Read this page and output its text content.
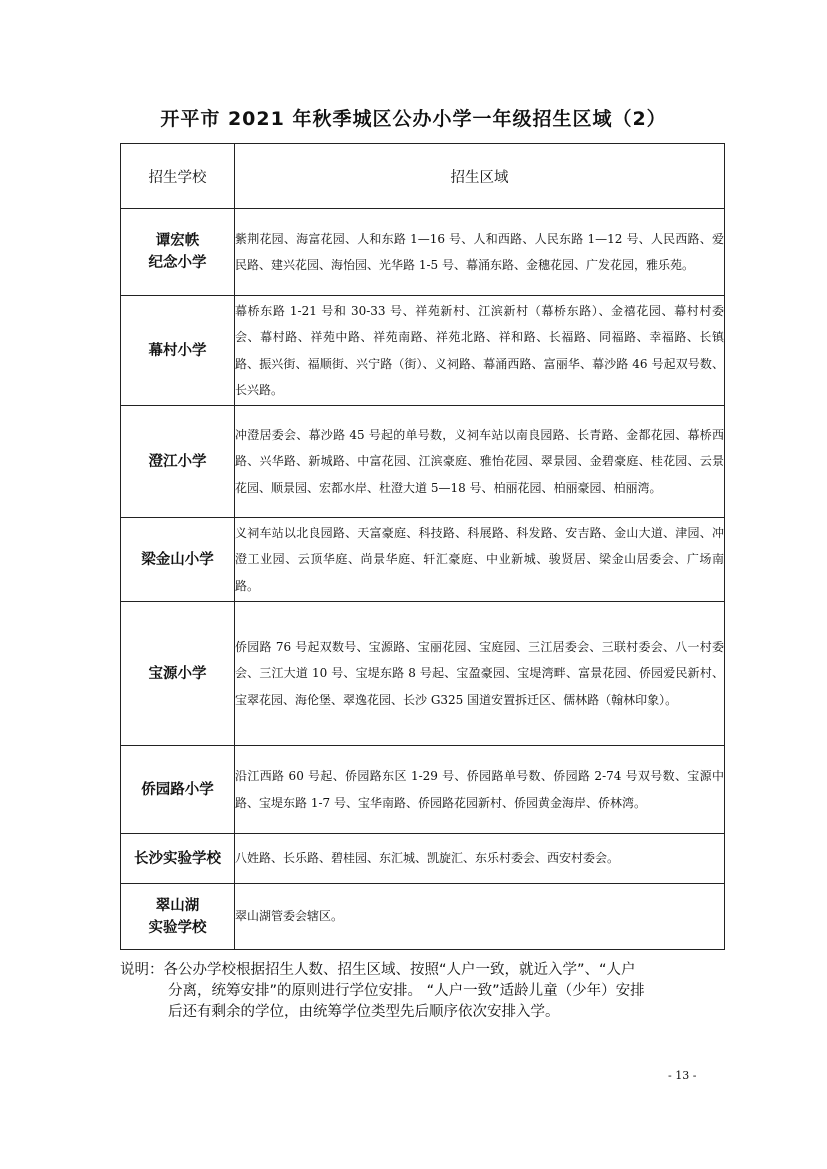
开平市 2021 年秋季城区公办小学一年级招生区域（2）
招生学校	招生区域

谭宏帙
纪念小学	紫荆花园、海富花园、人和东路 1—16 号、人和西路、人民东路 1—12 号、人民西路、爱民路、建兴花园、海怡园、光华路 1-5 号、幕涌东路、金穗花园、广发花园，雅乐苑。

幕村小学	幕桥东路 1-21 号和 30-33 号、祥苑新村、江滨新村（幕桥东路）、金禧花园、幕村村委会、幕村路、祥苑中路、祥苑南路、祥苑北路、祥和路、长福路、同福路、幸福路、长镇路、振兴街、福顺街、兴宁路（街）、义祠路、幕涌西路、富丽华、幕沙路 46 号起双号数、长兴路。

澄江小学	冲澄居委会、幕沙路 45 号起的单号数，义祠车站以南良园路、长青路、金都花园、幕桥西路、兴华路、新城路、中富花园、江滨豪庭、雅怡花园、翠景园、金碧豪庭、桂花园、云景花园、顺景园、宏都水岸、杜澄大道 5—18 号、柏丽花园、柏丽豪园、柏丽湾。

梁金山小学	义祠车站以北良园路、天富豪庭、科技路、科展路、科发路、安吉路、金山大道、津园、冲澄工业园、云顶华庭、尚景华庭、轩汇豪庭、中业新城、骏贤居、梁金山居委会、广场南路。

宝源小学	侨园路 76 号起双数号、宝源路、宝丽花园、宝庭园、三江居委会、三联村委会、八一村委会、三江大道 10 号、宝堤东路 8 号起、宝盈豪园、宝堤湾畔、富景花园、侨园爱民新村、宝翠花园、海伦堡、翠逸花园、长沙 G325 国道安置拆迁区、儒林路（翰林印象）。

侨园路小学	沿江西路 60 号起、侨园路东区 1-29 号、侨园路单号数、侨园路 2-74 号双号数、宝源中路、宝堤东路 1-7 号、宝华南路、侨园路花园新村、侨园黄金海岸、侨林湾。

长沙实验学校	八姓路、长乐路、碧桂园、东汇城、凯旋汇、东乐村委会、西安村委会。

翠山湖
实验学校	翠山湖管委会辖区。
说明：各公办学校根据招生人数、招生区域、按照“人户一致，就近入学”、“人户
分离，统筹安排”的原则进行学位安排。 “人户一致”适龄儿童（少年）安排
后还有剩余的学位，由统筹学位类型先后顺序依次安排入学。
- 13 -
